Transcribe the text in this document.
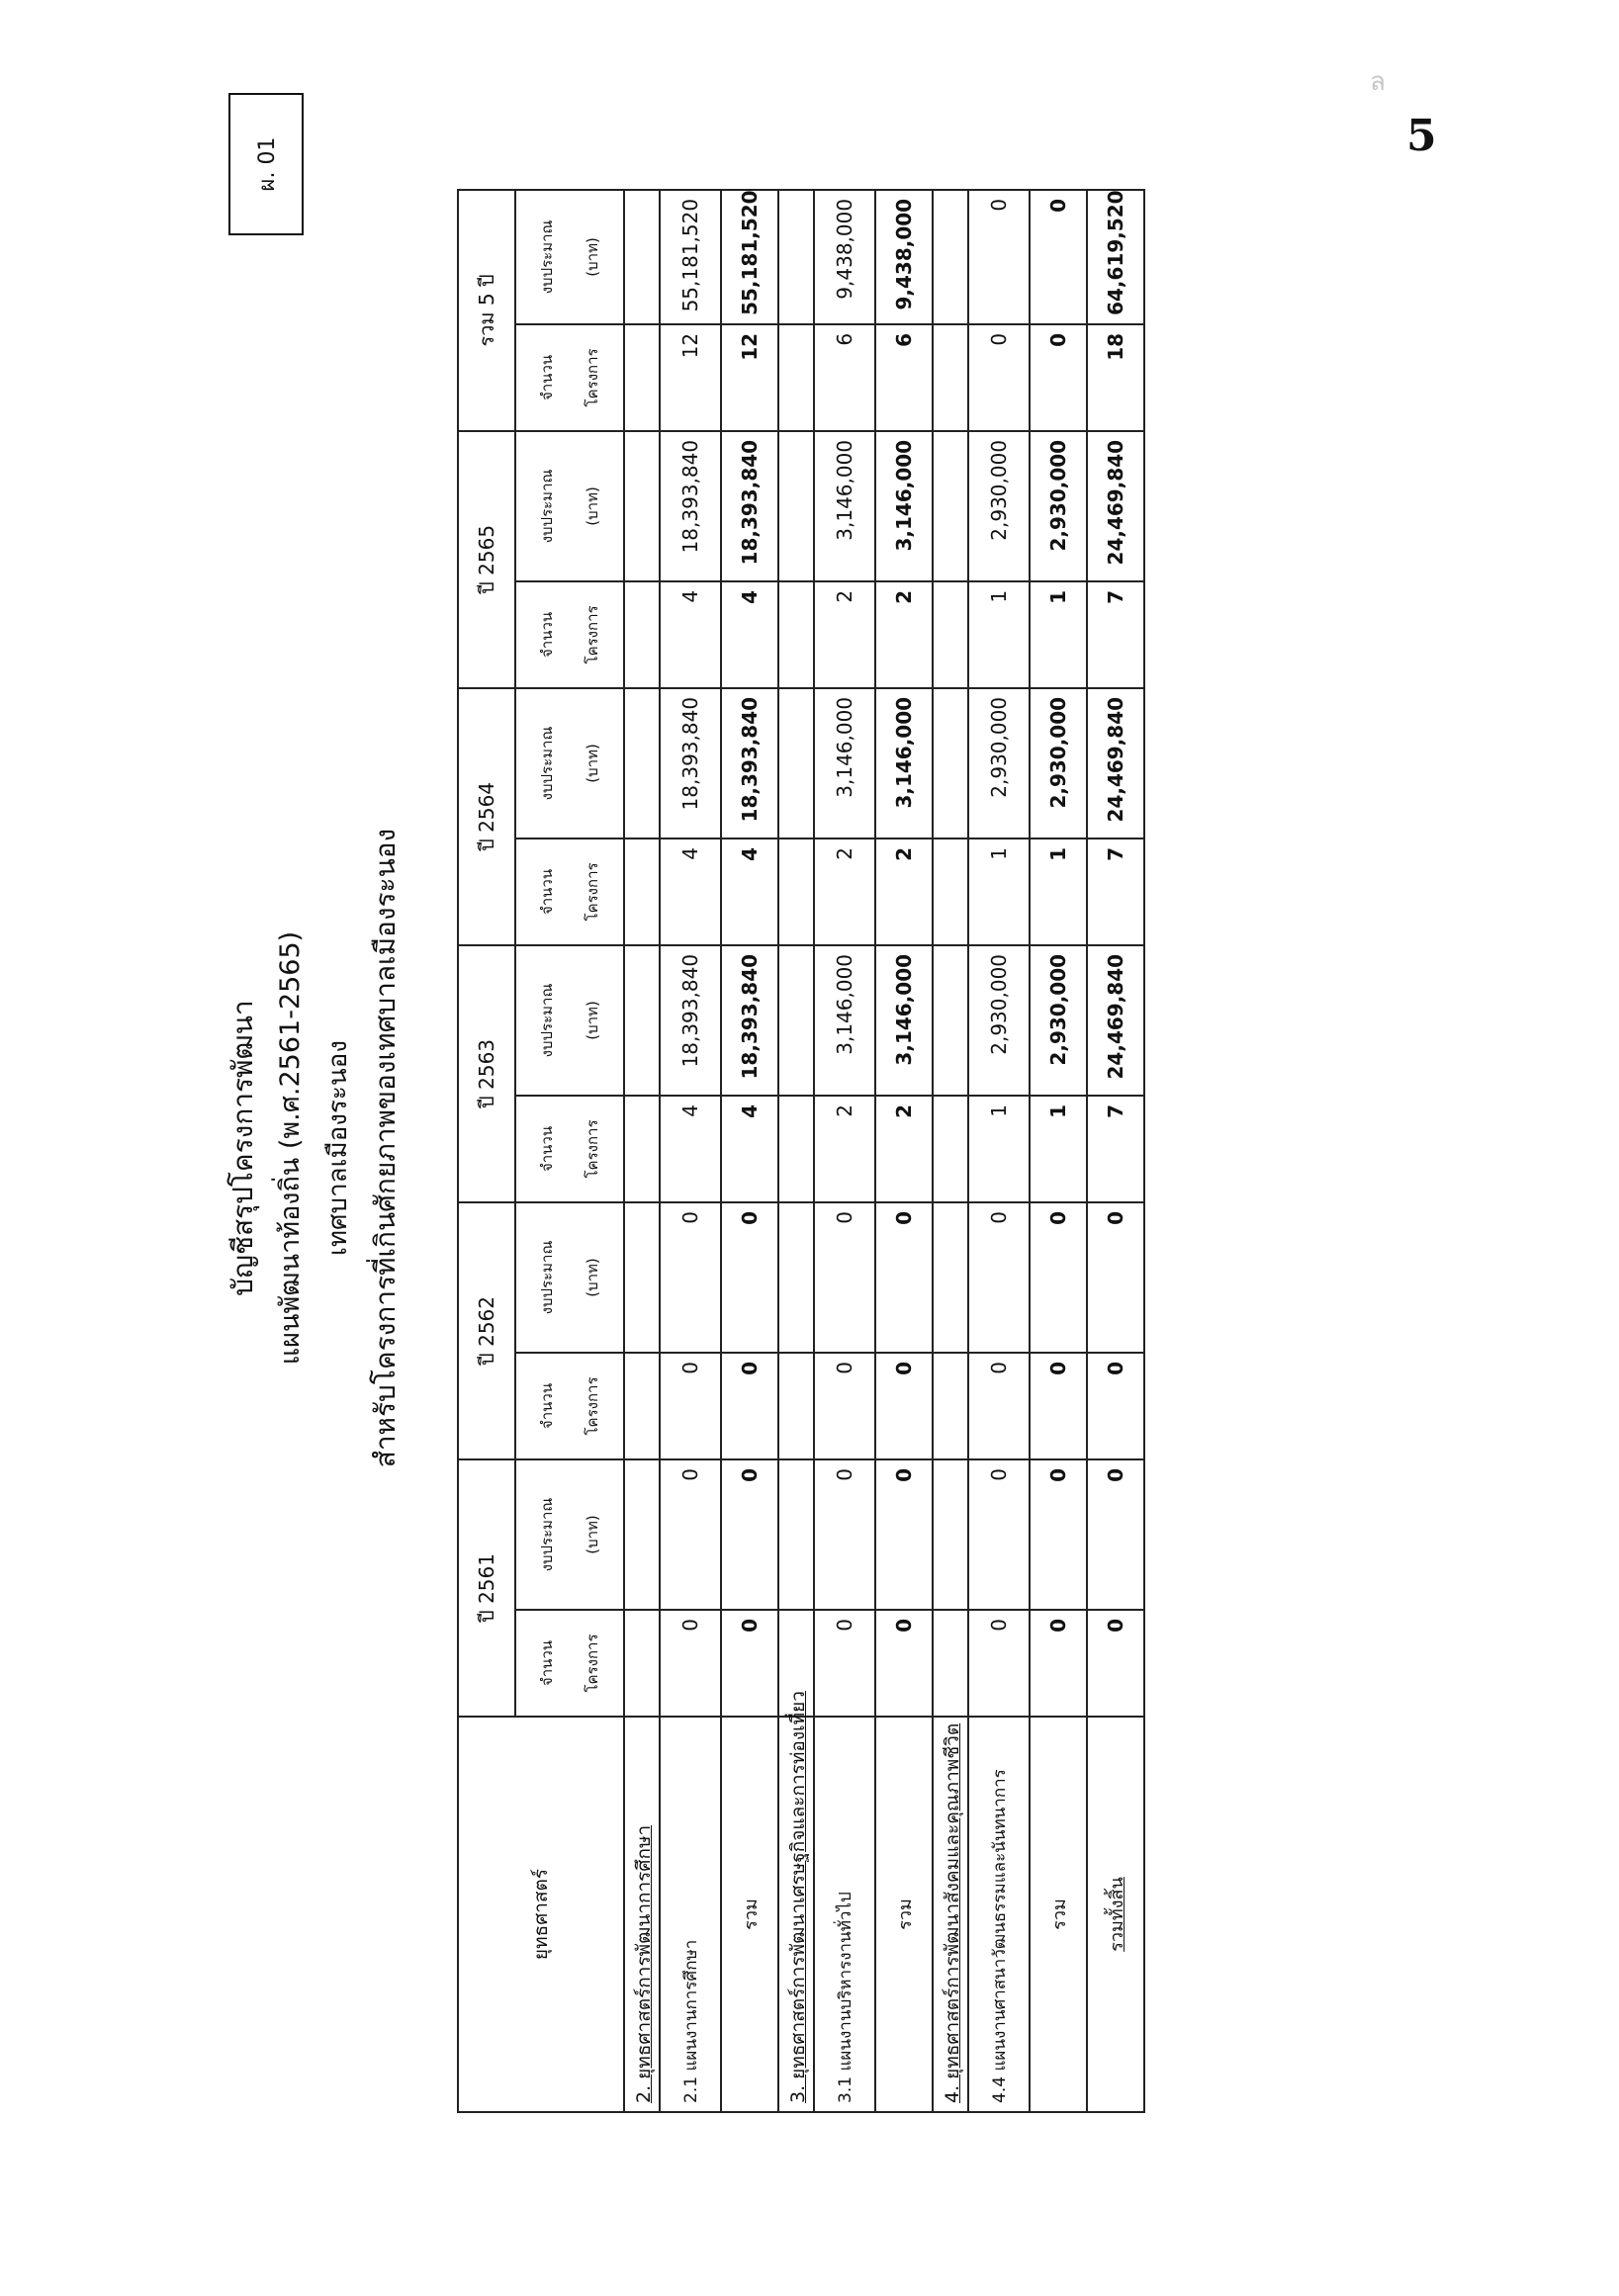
5
ล
ผ. 01
บัญชีสรุปโครงการพัฒนา แผนพัฒนาท้องถิ่น (พ.ศ.2561-2565) เทศบาลเมืองระนอง สำหรับโครงการที่เกินศักยภาพของเทศบาลเมืองระนอง
ยุทธศาสตร์	ปี 2561		ปี 2562		ปี 2563		ปี 2564		ปี 2565		รวม 5 ปี	
	จำนวน โครงการ	งบประมาณ (บาท)	จำนวน โครงการ	งบประมาณ (บาท)	จำนวน โครงการ	งบประมาณ (บาท)	จำนวน โครงการ	งบประมาณ (บาท)	จำนวน โครงการ	งบประมาณ (บาท)	จำนวน โครงการ	งบประมาณ (บาท)
2. ยุทธศาสตร์การพัฒนาการศึกษา												
2.1 แผนงานการศึกษา	0	0	0	0	4	18,393,840	4	18,393,840	4	18,393,840	12	55,181,520
รวม	0	0	0	0	4	18,393,840	4	18,393,840	4	18,393,840	12	55,181,520
3. ยุทธศาสตร์การพัฒนาเศรษฐกิจและการท่องเที่ยว												
3.1 แผนงานบริหารงานทั่วไป	0	0	0	0	2	3,146,000	2	3,146,000	2	3,146,000	6	9,438,000
รวม	0	0	0	0	2	3,146,000	2	3,146,000	2	3,146,000	6	9,438,000
4. ยุทธศาสตร์การพัฒนาสังคมและคุณภาพชีวิต												
4.4 แผนงานศาสนาวัฒนธรรมและนันทนาการ	0	0	0	0	1	2,930,000	1	2,930,000	1	2,930,000	0	0
รวม	0	0	0	0	1	2,930,000	1	2,930,000	1	2,930,000	0	0
รวมทั้งสิ้น	0	0	0	0	7	24,469,840	7	24,469,840	7	24,469,840	18	64,619,520
